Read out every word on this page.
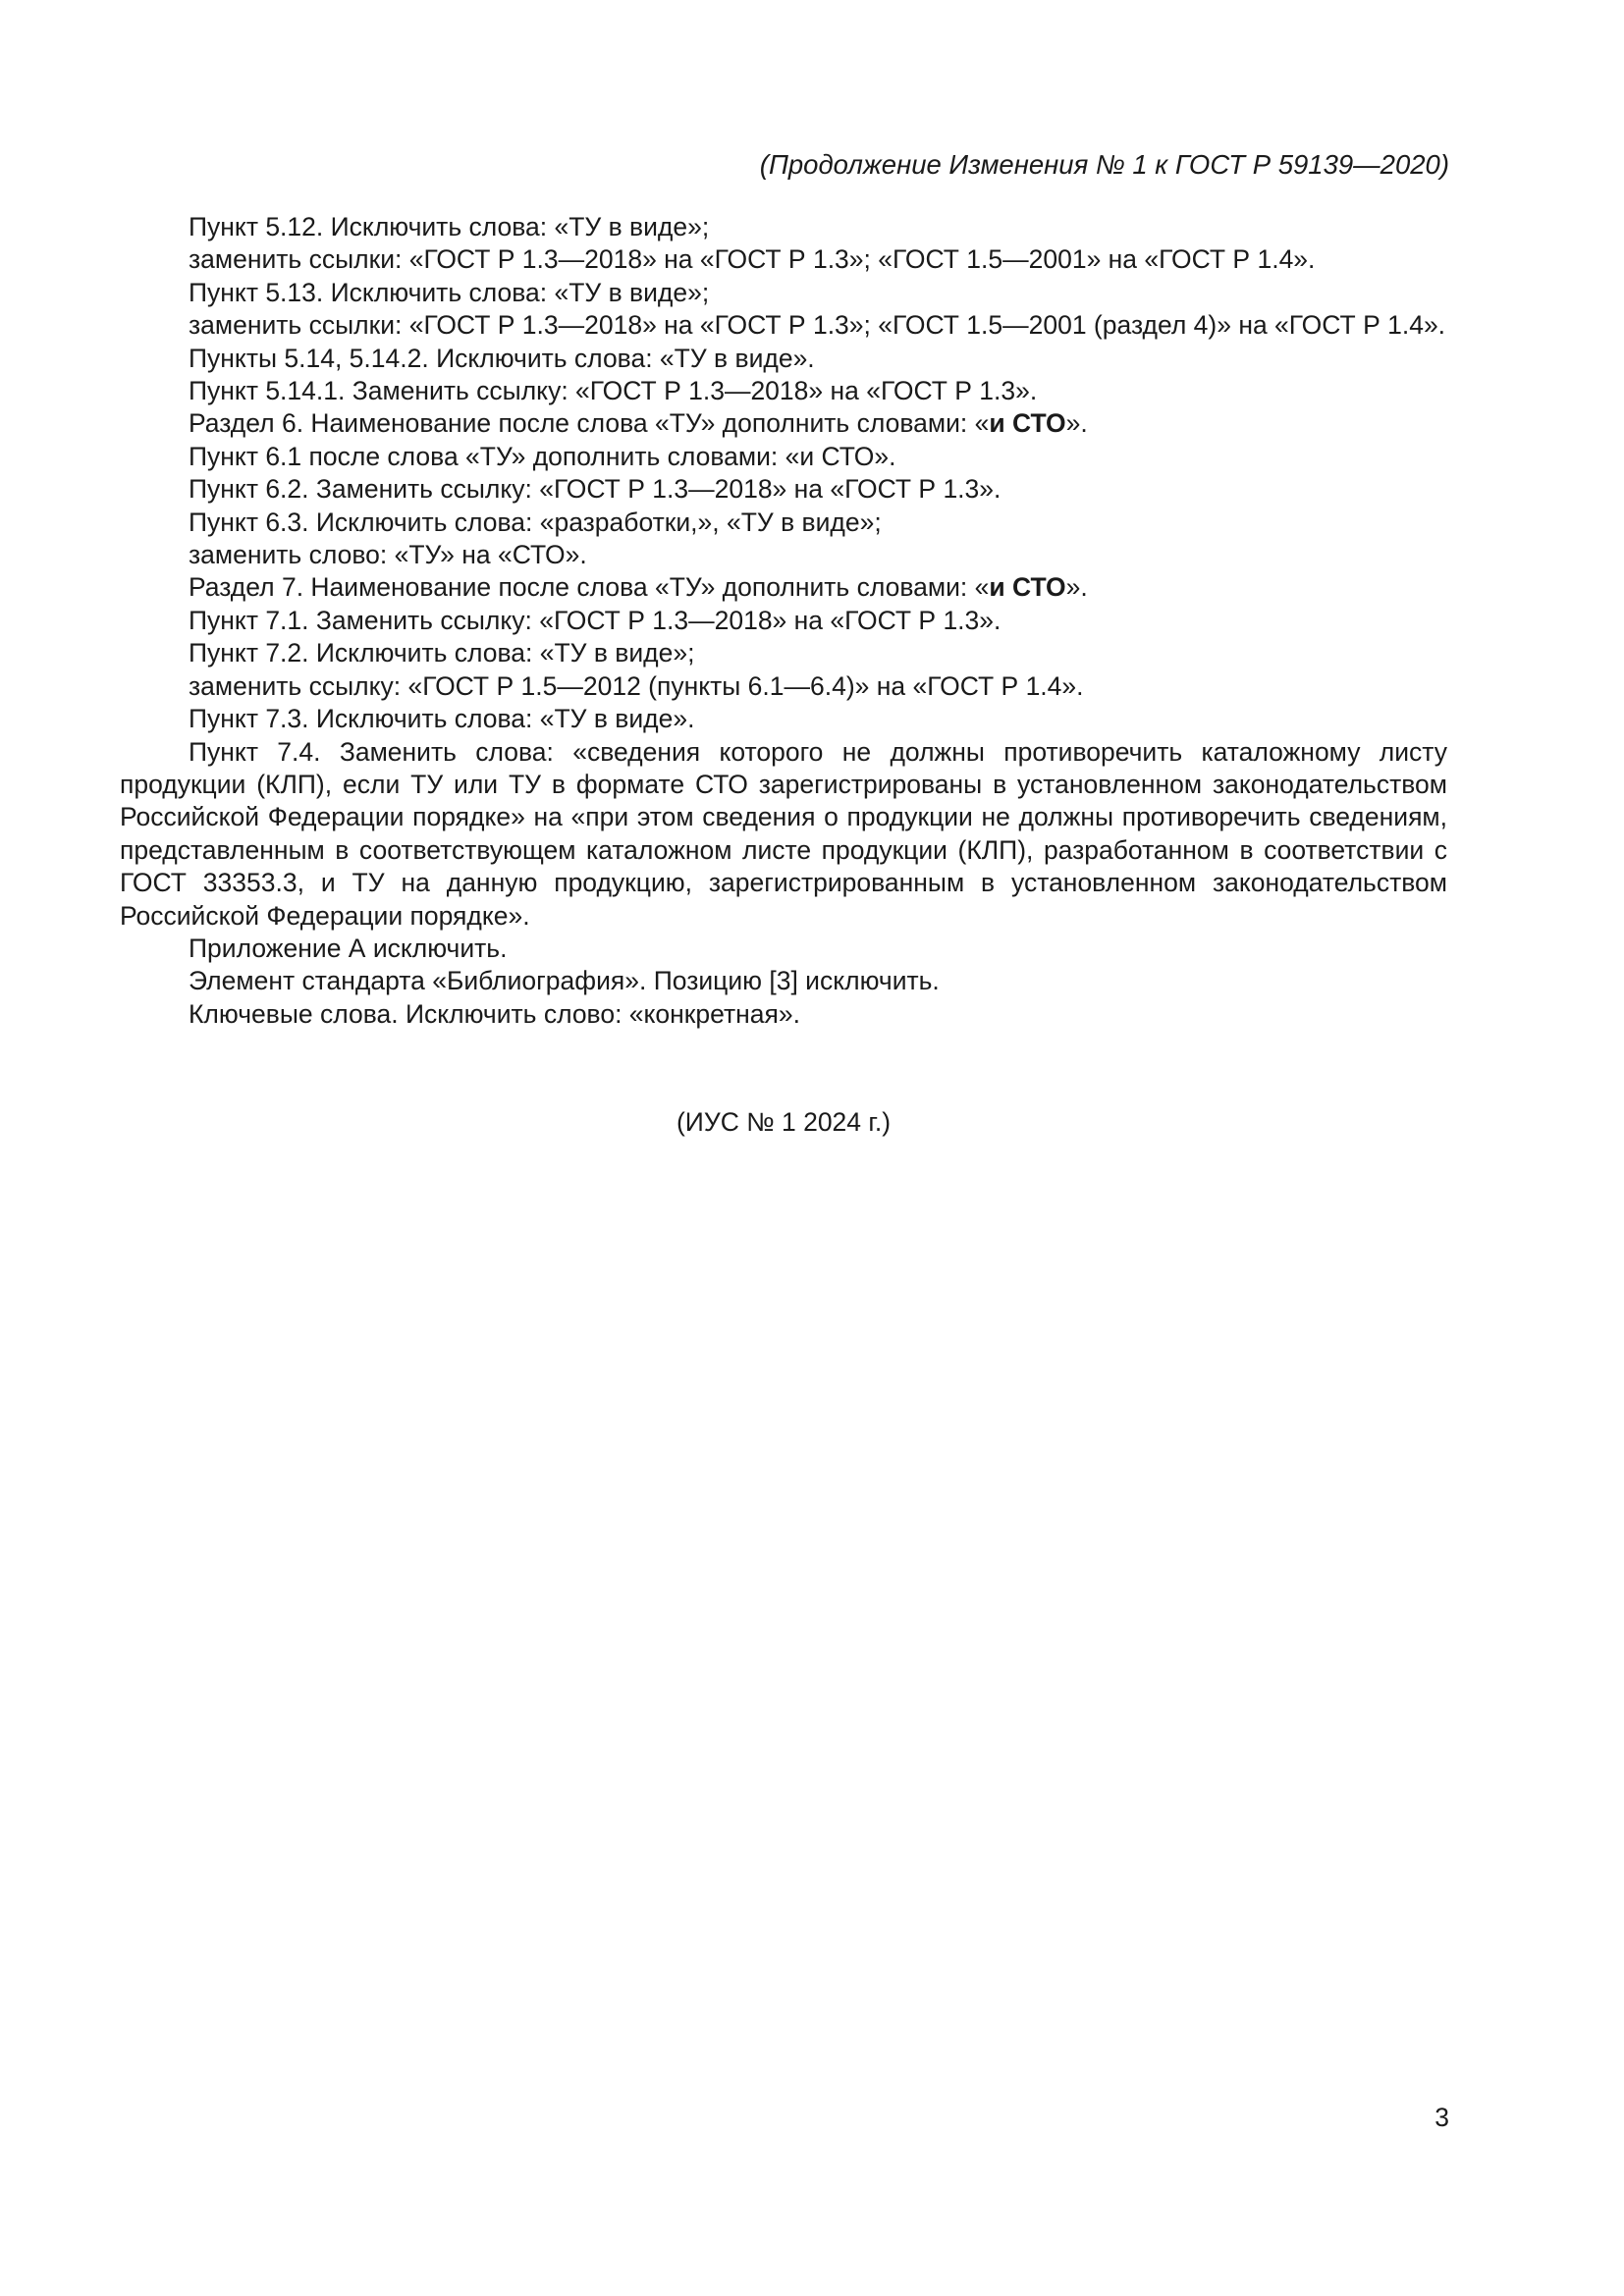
(Продолжение Изменения № 1 к ГОСТ Р 59139—2020)

Пункт 5.12. Исключить слова: «ТУ в виде»;

заменить ссылки: «ГОСТ Р 1.3—2018» на «ГОСТ Р 1.3»; «ГОСТ 1.5—2001» на «ГОСТ Р 1.4».

Пункт 5.13. Исключить слова: «ТУ в виде»;

заменить ссылки: «ГОСТ Р 1.3—2018» на «ГОСТ Р 1.3»; «ГОСТ 1.5—2001 (раздел 4)» на «ГОСТ Р 1.4».

Пункты 5.14, 5.14.2. Исключить слова: «ТУ в виде».

Пункт 5.14.1. Заменить ссылку: «ГОСТ Р 1.3—2018» на «ГОСТ Р 1.3».

Раздел 6. Наименование после слова «ТУ» дополнить словами: «и СТО».

Пункт 6.1 после слова «ТУ» дополнить словами: «и СТО».

Пункт 6.2. Заменить ссылку: «ГОСТ Р 1.3—2018» на «ГОСТ Р 1.3».

Пункт 6.3. Исключить слова: «разработки,», «ТУ в виде»;

заменить слово: «ТУ» на «СТО».

Раздел 7. Наименование после слова «ТУ» дополнить словами: «и СТО».

Пункт 7.1. Заменить ссылку: «ГОСТ Р 1.3—2018» на «ГОСТ Р 1.3».

Пункт 7.2. Исключить слова: «ТУ в виде»;

заменить ссылку: «ГОСТ Р 1.5—2012 (пункты 6.1—6.4)» на «ГОСТ Р 1.4».

Пункт 7.3. Исключить слова: «ТУ в виде».

Пункт 7.4. Заменить слова: «сведения которого не должны противоречить каталожному листу продукции (КЛП), если ТУ или ТУ в формате СТО зарегистрированы в установленном законодательством Российской Федерации порядке» на «при этом сведения о продукции не должны противоречить сведениям, представленным в соответствующем каталожном листе продукции (КЛП), разработанном в соответствии с ГОСТ 33353.3, и ТУ на данную продукцию, зарегистрированным в установленном законодательством Российской Федерации порядке».

Приложение А исключить.

Элемент стандарта «Библиография». Позицию [3] исключить.

Ключевые слова. Исключить слово: «конкретная».

(ИУС № 1 2024 г.)
3
